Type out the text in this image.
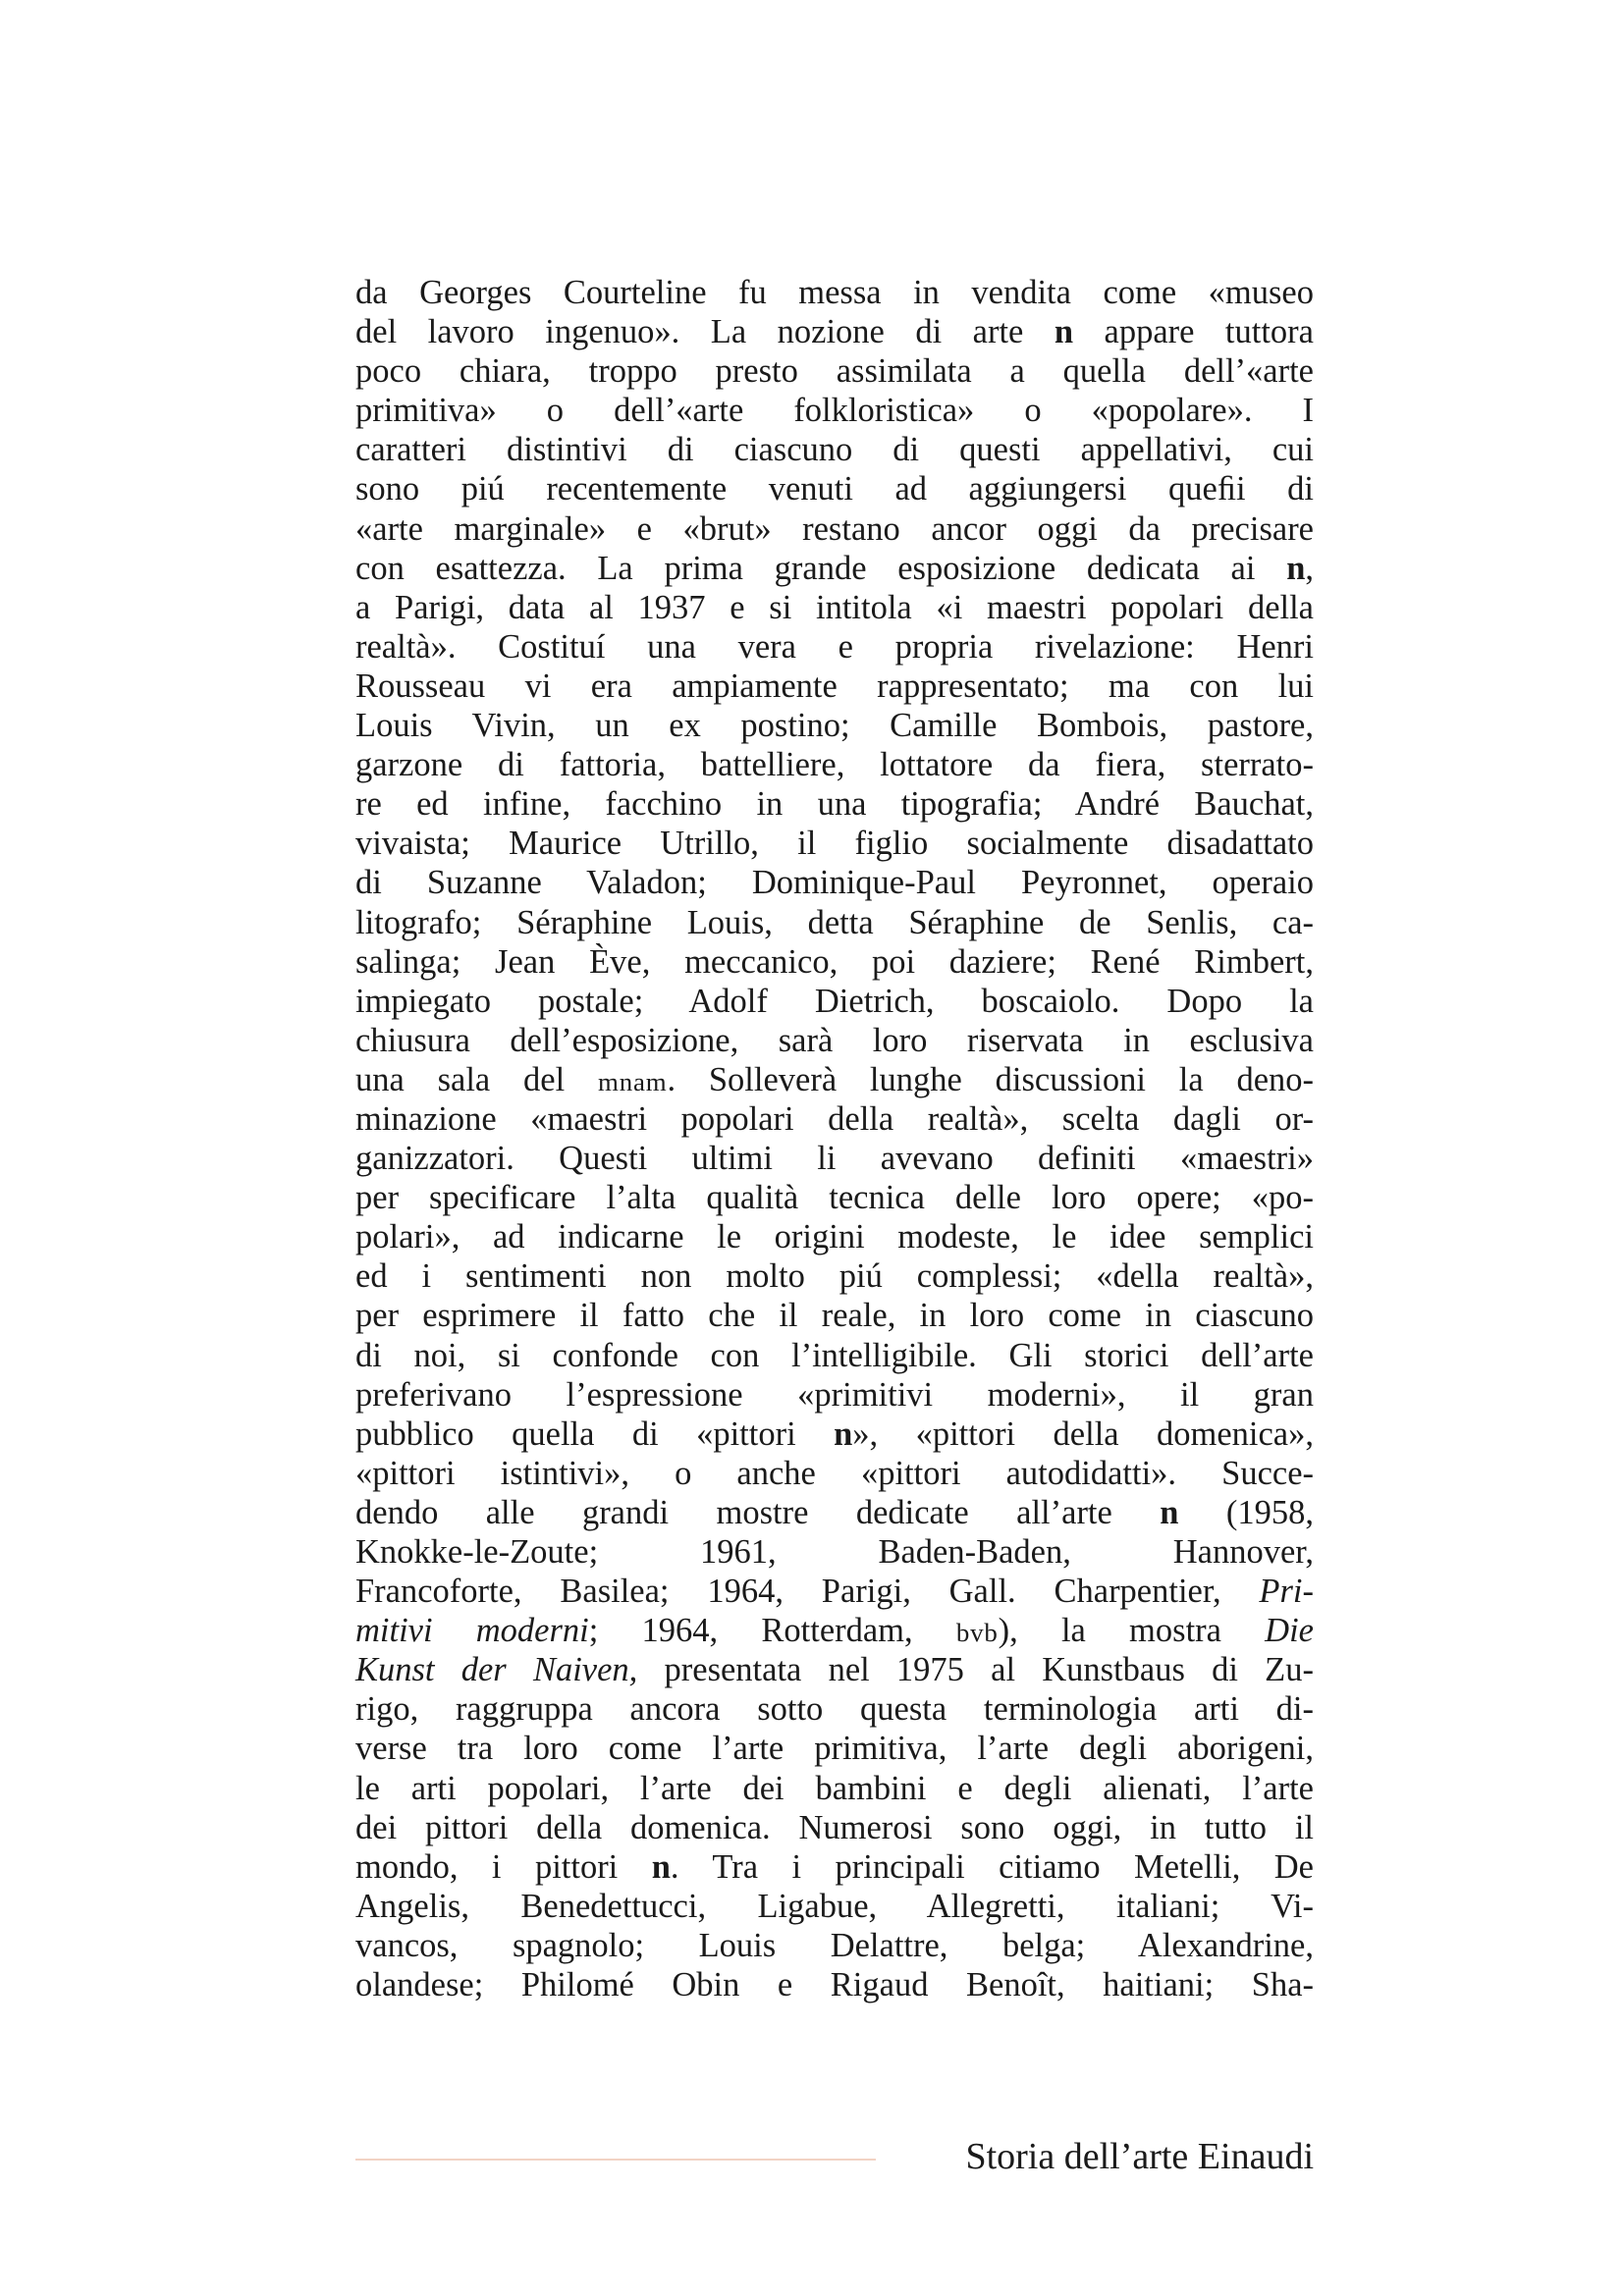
da Georges Courteline fu messa in vendita come «museo
del lavoro ingenuo». La nozione di arte n appare tuttora
poco chiara, troppo presto assimilata a quella dell’«arte
primitiva» o dell’«arte folkloristica» o «popolare». I
caratteri distintivi di ciascuno di questi appellativi, cui
sono piú recentemente venuti ad aggiungersi queﬁi di
«arte marginale» e «brut» restano ancor oggi da precisare
con esattezza. La prima grande esposizione dedicata ai n,
a Parigi, data al 1937 e si intitola «i maestri popolari della
realtà». Costituí una vera e propria rivelazione: Henri
Rousseau vi era ampiamente rappresentato; ma con lui
Louis Vivin, un ex postino; Camille Bombois, pastore,
garzone di fattoria, battelliere, lottatore da fiera, sterrato-
re ed infine, facchino in una tipografia; André Bauchat,
vivaista; Maurice Utrillo, il figlio socialmente disadattato
di Suzanne Valadon; Dominique-Paul Peyronnet, operaio
litografo; Séraphine Louis, detta Séraphine de Senlis, ca-
salinga; Jean Ève, meccanico, poi daziere; René Rimbert,
impiegato postale; Adolf Dietrich, boscaiolo. Dopo la
chiusura dell’esposizione, sarà loro riservata in esclusiva
una sala del mnam. Solleverà lunghe discussioni la deno-
minazione «maestri popolari della realtà», scelta dagli or-
ganizzatori. Questi ultimi li avevano definiti «maestri»
per specificare l’alta qualità tecnica delle loro opere; «po-
polari», ad indicarne le origini modeste, le idee semplici
ed i sentimenti non molto piú complessi; «della realtà»,
per esprimere il fatto che il reale, in loro come in ciascuno
di noi, si confonde con l’intelligibile. Gli storici dell’arte
preferivano l’espressione «primitivi moderni», il gran
pubblico quella di «pittori n», «pittori della domenica»,
«pittori istintivi», o anche «pittori autodidatti». Succe-
dendo alle grandi mostre dedicate all’arte n (1958,
Knokke-le-Zoute; 1961, Baden-Baden, Hannover,
Francoforte, Basilea; 1964, Parigi, Gall. Charpentier, Pri-
mitivi moderni; 1964, Rotterdam, bvb), la mostra Die
Kunst der Naiven, presentata nel 1975 al Kunstbaus di Zu-
rigo, raggruppa ancora sotto questa terminologia arti di-
verse tra loro come l’arte primitiva, l’arte degli aborigeni,
le arti popolari, l’arte dei bambini e degli alienati, l’arte
dei pittori della domenica. Numerosi sono oggi, in tutto il
mondo, i pittori n. Tra i principali citiamo Metelli, De
Angelis, Benedettucci, Ligabue, Allegretti, italiani; Vi-
vancos, spagnolo; Louis Delattre, belga; Alexandrine,
olandese; Philomé Obin e Rigaud Benoît, haitiani; Sha-
Storia dell’arte Einaudi
